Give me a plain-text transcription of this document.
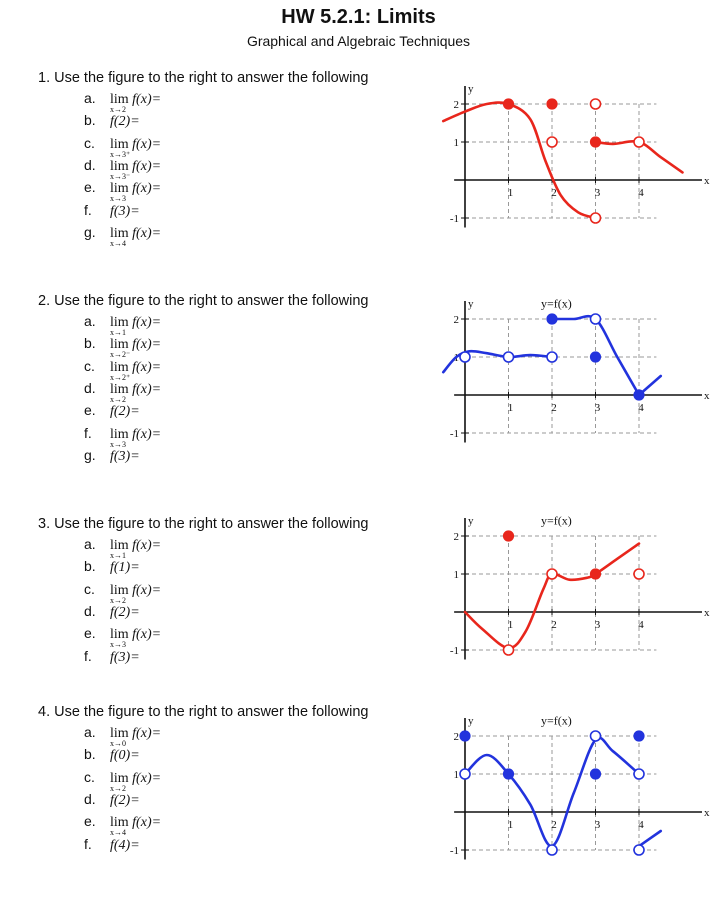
HW 5.2.1: Limits
Graphical and Algebraic Techniques
1. Use the figure to the right to answer the following
a. lim
x→2
f(x)=
b. f(2)=
c. lim
x→3⁺
f(x)=
d. lim
x→3⁻
f(x)=
e. lim
x→3
f(x)=
f. f(3)=
g. lim
x→4
f(x)=
2. Use the figure to the right to answer the following
a. lim
x→1
f(x)=
b. lim
x→2⁻
f(x)=
c. lim
x→2⁺
f(x)=
d. lim
x→2
f(x)=
e. f(2)=
f. lim
x→3
f(x)=
g. f(3)=
3. Use the figure to the right to answer the following
a. lim
x→1
f(x)=
b. f(1)=
c. lim
x→2
f(x)=
d. f(2)=
e. lim
x→3
f(x)=
f. f(3)=
4. Use the figure to the right to answer the following
a. lim
x→0
f(x)=
b. f(0)=
c. lim
x→2
f(x)=
d. f(2)=
e. lim
x→4
f(x)=
f. f(4)=
1	2	3	4
2
1
-1
x
y
1	2	3	4
2
1
-1
x
y	y=f(x)
1	2	3	4
2
1
-1
x
y	y=f(x)
1	2	3	4
2
1
-1
x
y	y=f(x)
